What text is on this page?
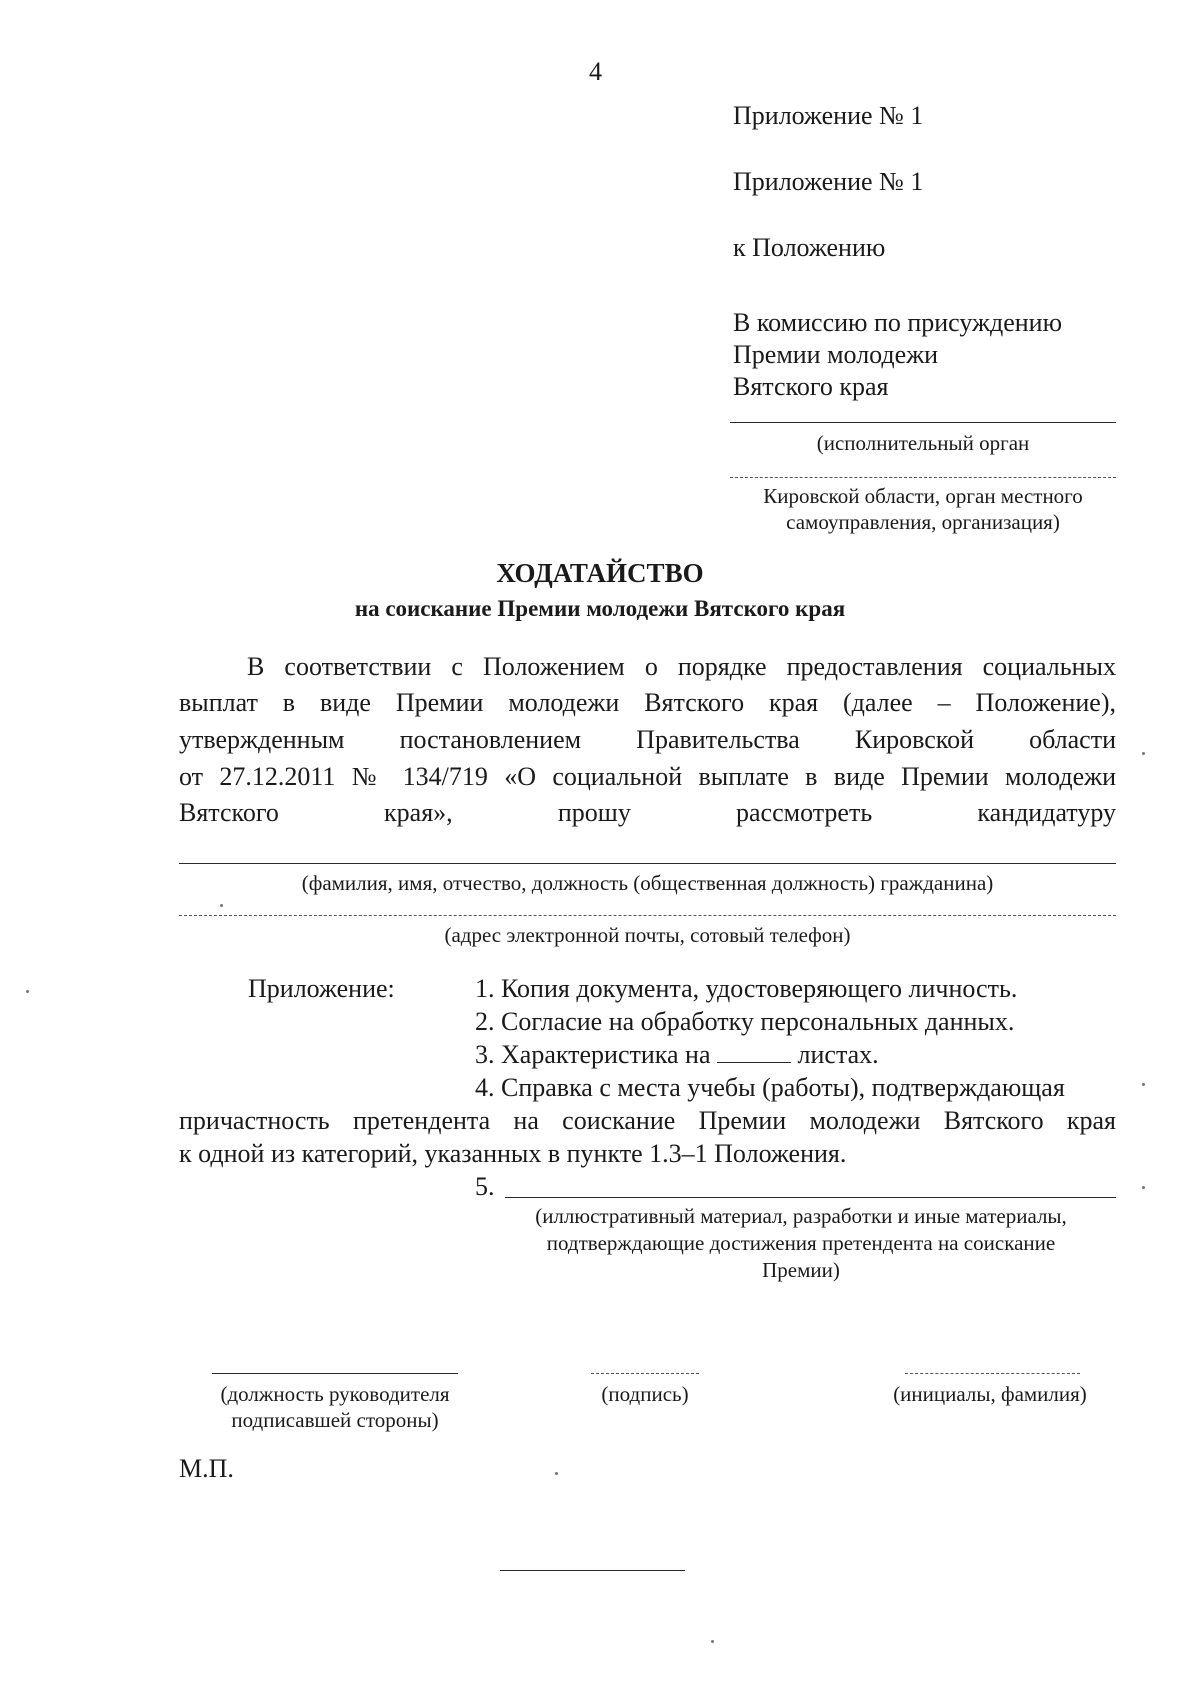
4
Приложение № 1
Приложение № 1
к Положению
В комиссию по присуждению
Премии молодежи
Вятского края
(исполнительный орган
Кировской области, орган местного
самоуправления, организация)
ХОДАТАЙСТВО
на соискание Премии молодежи Вятского края
В соответствии с Положением о порядке предоставления социальных
выплат в виде Премии молодежи Вятского края (далее – Положение),
утвержденным постановлением Правительства Кировской области
от 27.12.2011 № 134/719 «О социальной выплате в виде Премии молодежи
Вятского края», прошу рассмотреть кандидатуру
(фамилия, имя, отчество, должность (общественная должность) гражданина)
(адрес электронной почты, сотовый телефон)
Приложение:	1. Копия документа, удостоверяющего личность.
2. Согласие на обработку персональных данных.
3. Характеристика на	листах.
4. Справка с места учебы (работы), подтверждающая
причастность претендента на соискание Премии молодежи Вятского края
к одной из категорий, указанных в пункте 1.3–1 Положения.
5.
(иллюстративный материал, разработки и иные материалы,
подтверждающие достижения претендента на соискание
Премии)
(должность руководителя
подписавшей стороны)
(подпись)	(инициалы, фамилия)
М.П.
